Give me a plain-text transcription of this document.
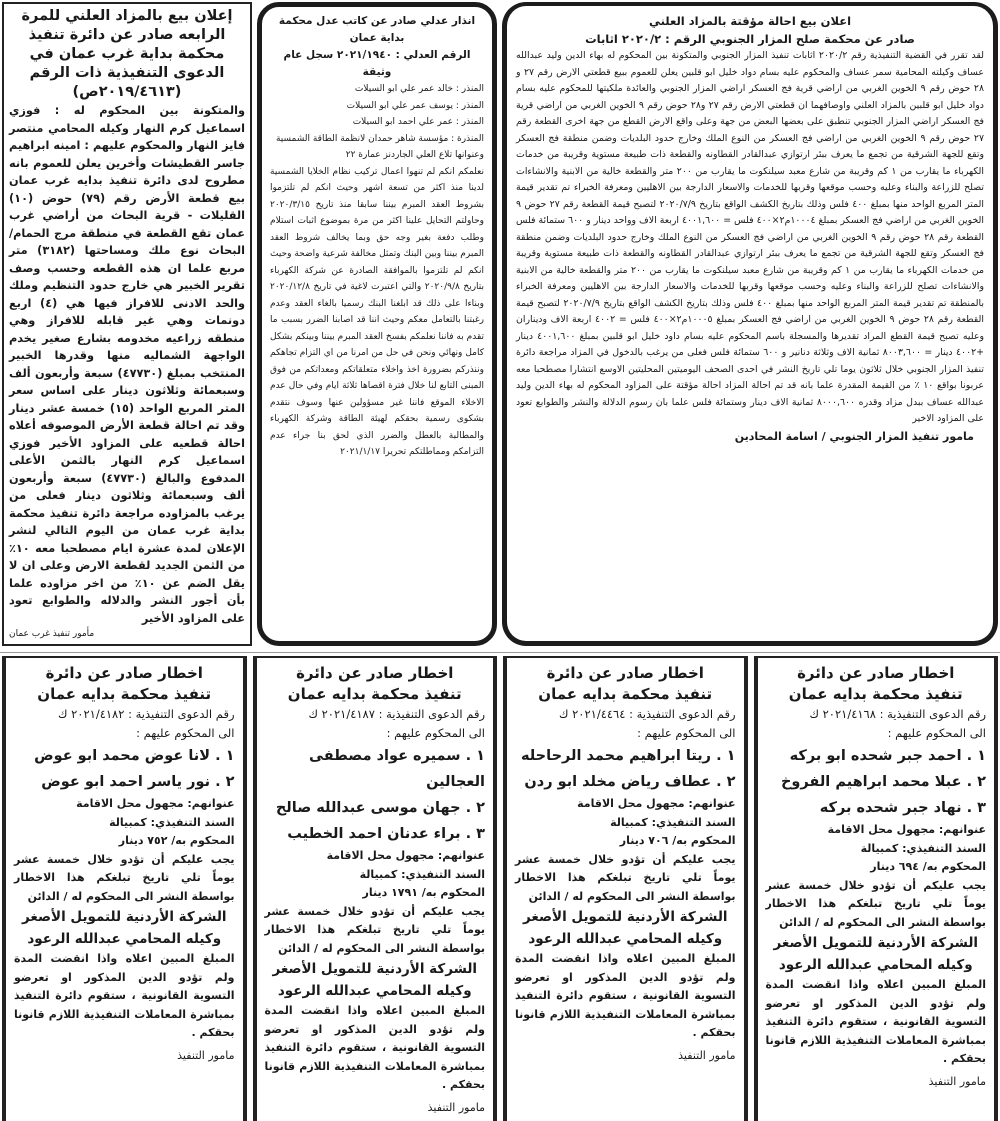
إعلان بيع بالمزاد العلني للمرة الرابعه صادر عن دائرة تنفيذ محكمة بداية غرب عمان في الدعوى التنفيذية ذات الرقم (٢٠١٩/٤٦١٣ص)

والمتكونة بين المحكوم له : فوزي اسماعيل كرم النهار وكيله المحامي منتصر فايز النهار والمحكوم عليهم : امينه ابراهيم جاسر القطيشات وأخرين يعلن للعموم بانه مطروح لدى دائرة تنفيذ بدايه غرب عمان بيع قطعة الأرض رقم (٧٩) حوض (١٠) القليلات - قرية البحاث من أراضي غرب عمان تقع القطعة في منطقة مرج الحمام/ البحاث نوع ملك ومساحتها (٣١٨٢) متر مربع علما ان هذه القطعه وحسب وصف تقرير الخبير هي خارج حدود التنظيم وملك والحد الادنى للافراز فيها هي (٤) اربع دونمات وهي غير قابله للافراز وهي منطقه زراعيه مخدومه بشارع صغير يخدم الواجهة الشماليه منها وقدرها الخبير المنتخب بمبلغ (٤٧٧٣٠) سبعة وأربعون ألف وسبعمائة وثلاثون دينار على اساس سعر المتر المربع الواحد (١٥) خمسة عشر دينار وقد تم احالة قطعة الأرض الموصوفه أعلاه احالة قطعيه على المزاود الأخير فوزي اسماعيل كرم النهار بالثمن الأعلى المدفوع والبالغ (٤٧٧٣٠) سبعة وأربعون ألف وسبعمائة وثلاثون دينار فعلى من يرغب بالمزاوده مراجعة دائرة تنفيذ محكمة بداية غرب عمان من اليوم التالي لنشر الإعلان لمدة عشرة ايام مصطحبا معه ١٠٪ من الثمن الجديد لقطعة الارض وعلى ان لا يقل الضم عن ١٠٪ من اخر مزاوده علما بأن أجور النشر والدلاله والطوابع تعود على المزاود الأخير

مأمور تنفيذ غرب عمان

انذار عدلي صادر عن كاتب عدل محكمة
بداية عمان
الرقم العدلي : ٢٠٢١/١٩٤٠ سجل عام وثيقة
المنذر : خالد عمر علي ابو السيلات
المنذر : يوسف عمر علي ابو السيلات
المنذر : عمر علي احمد ابو السيلات
المنذرة : مؤسسة شاهر حمدان لانظمة الطاقة الشمسية
وعنوانها تلاع العلي الجاردنز عمارة ٢٢

نعلمكم انكم لم تنهوا اعمال تركيب نظام الخلايا الشمسية لدينا منذ اكثر من تسعة اشهر وحيث انكم لم تلتزموا بشروط العقد المبرم بيننا سابقا منذ تاريخ ٢٠٢٠/٣/١٥ وحاولتم التحايل علينا اكثر من مرة بموضوع اثبات استلام وطلب دفعة بغير وجه حق وبما يخالف شروط العقد المبرم بيننا وبين البنك وتمثل مخالفة شرعية واضحة وحيث انكم لم تلتزموا بالموافقة الصادرة عن شركة الكهرباء بتاريخ ٢٠٢٠/٩/٨ والتي اعتبرت لاغية في تاريخ ٢٠٢٠/١٢/٨ وبناءا على ذلك قد ابلغنا البنك رسميا بالغاء العقد وعدم رغبتنا بالتعامل معكم وحيث اننا قد اصابنا الضرر بسبب ما تقدم به فاننا نعلمكم بفسخ العقد المبرم بيننا وبينكم بشكل كامل ونهائي ونحن في حل من امرنا من اي التزام تجاهكم وننذركم بضرورة اخذ واخلاء متعلقاتكم ومعداتكم من فوق المبنى التابع لنا خلال فترة اقصاها ثلاثة ايام وفي حال عدم الاخلاء الموقع فاننا غير مسؤولين عنها وسوف نتقدم بشكوى رسمية بحقكم لهيئة الطاقة وشركة الكهرباء والمطالبة بالعطل والضرر الذي لحق بنا جراء عدم التزامكم ومماطلتكم تحريرا ٢٠٢١/١/١٧

اعلان بيع احالة مؤقتة بالمزاد العلني
صادر عن محكمة صلح المزار الجنوبي الرقم : ٢٠٢٠/٢ اثابات

لقد تقرر في القضية التنفيذية رقم ٢٠٢٠/٢ اثابات تنفيذ المزار الجنوبي والمتكونة بين المحكوم له بهاء الدين وليد عبدالله عساف وكيلته المحامية سمر عساف والمحكوم عليه بسام دواد خليل ابو قلبين يعلن للعموم ببيع قطعتي الارض رقم ٢٧ و ٢٨ حوض رقم ٩ الخوين الغربي من اراضي قرية فج العسكر اراضي المزار الجنوبي والعائدة ملكيتها للمحكوم عليه بسام دواد خليل ابو قلبين بالمزاد العلني واوصافهما ان قطعتي الارض رقم ٢٧ و٢٨ حوض رقم ٩ الخوين الغربي من اراضي قرية فج العسكر اراضي المزار الجنوبي تنطبق على بعضها البعض من جهة وعلى واقع الارض القطع من جهة اخرى القطعة رقم ٢٧ حوض رقم ٩ الخوين الغربي من اراضي فج العسكر من النوع الملك وخارج حدود البلديات وضمن منطقة فج العسكر وتقع للجهة الشرقية من تجمع ما يعرف ببئر ارتوازي عبدالقادر القطاونه والقطعة ذات طبيعة مستوية وقريبة من خدمات الكهرباء ما يقارب من ١ كم وقريبة من شارع معبد سيلنكوت ما يقارب من ٢٠٠ متر والقطعة خالية من الابنية والانشاءات تصلح للزراعة والبناء وعليه وحسب موقعها وقربها للخدمات والاسعار الدارجة بين الاهليين ومعرفة الخبراء تم تقدير قيمة المتر المربع الواحد منها بمبلغ ٤٠٠ فلس وذلك بتاريخ الكشف الواقع بتاريخ ٢٠٢٠/٧/٩ لتصبح قيمة القطعة رقم ٢٧ حوض ٩ الخوين الغربي من اراضي فج العسكر بمبلغ ١٠٠٠٤م٢×٤٠٠ فلس = ٤٠٠١,٦٠٠ اربعة الاف وواحد دينار و ٦٠٠ ستمائة فلس القطعة رقم ٢٨ حوض رقم ٩ الخوين الغربي من اراضي فج العسكر من النوع الملك وخارج حدود البلديات وضمن منطقة فج العسكر وتقع للجهة الشرقية من تجمع ما يعرف ببئر ارتوازي عبدالقادر القطاونه والقطعة ذات طبيعة مستوية وقريبة من خدمات الكهرباء ما يقارب من ١ كم وقريبة من شارع معبد سيلنكوت ما يقارب من ٢٠٠ متر والقطعة خالية من الابنية والانشاءات تصلح للزراعة والبناء وعليه وحسب موقعها وقربها للخدمات والاسعار الدارجة بين الاهليين ومعرفة الخبراء بالمنطقة تم تقدير قيمة المتر المربع الواحد منها بمبلغ ٤٠٠ فلس وذلك بتاريخ الكشف الواقع بتاريخ ٢٠٢٠/٧/٩ لتصبح قيمة القطعة رقم ٢٨ حوض ٩ الخوين الغربي من اراضي فج العسكر بمبلغ ١٠٠٠٥م٢×٤٠٠ فلس = ٤٠٠٢ اربعة الاف وديناران وعليه تصبح قيمة القطع المراد تقديرها والمسجلة باسم المحكوم عليه بسام داود خليل ابو قلبين بمبلغ ٤٠٠١,٦٠٠ دينار +٤٠٠٢ دينار = ٨٠٠٣,٦٠٠ ثمانية الاف وثلاثة دنانير و ٦٠٠ ستمائة فلس فعلى من يرغب بالدخول في المزاد مراجعة دائرة تنفيذ المزار الجنوبي خلال ثلاثون يوما تلي تاريخ النشر في احدى الصحف اليوميتين المحليتين الاوسع انتشارا مصطحبا معه عربونا بواقع ١٠ ٪ من القيمة المقدرة علما بانه قد تم احالة المزاد احالة مؤقتة على المزاود المحكوم له بهاء الدين وليد عبدالله عساف ببدل مزاد وقدره ٨٠٠٠,٦٠٠ ثمانية الاف دينار وستمائة فلس علما بان رسوم الدلالة والنشر والطوابع تعود على المزاود الاخير

مامور تنفيذ المزار الجنوبي / اسامة المحادين

اخطار صادر عن دائرة
تنفيذ محكمة بدايه عمان
رقم الدعوى التنفيذية : ٢٠٢١/٤١٦٨ ك
الى المحكوم عليهم :
١ . احمد جبر شحده ابو بركه
٢ . عبلا محمد ابراهيم الفروخ
٣ . نهاد جبر شحده بركه
عنوانهم: مجهول محل الاقامة
السند التنفيذي: كمبيالة
المحكوم به/ ٦٩٤ دينار

يجب عليكم أن تؤدو خلال خمسة عشر يوماً تلي تاريخ تبلغكم هذا الاخطار بواسطة النشر الى المحكوم له / الدائن

الشركة الأردنية للتمويل الأصغر
وكيله المحامي عبدالله الرعود

المبلغ المبين اعلاه واذا انقضت المدة ولم تؤدو الدين المذكور او تعرضو التسوية القانونية ، ستقوم دائرة التنفيذ بمباشرة المعاملات التنفيذية اللازم قانونا بحقكم .

مامور التنفيذ
اخطار صادر عن دائرة
تنفيذ محكمة بدايه عمان
رقم الدعوى التنفيذية : ٢٠٢١/٤٤٦٤ ك
الى المحكوم عليهم :
١ . ريتا ابراهيم محمد الرحاحله
٢ . عطاف رياض مخلد ابو ردن
عنوانهم: مجهول محل الاقامة
السند التنفيذي: كمبيالة
المحكوم به/ ٧٠٦ دينار

يجب عليكم أن تؤدو خلال خمسة عشر يوماً تلي تاريخ تبلغكم هذا الاخطار بواسطة النشر الى المحكوم له / الدائن

الشركة الأردنية للتمويل الأصغر
وكيله المحامي عبدالله الرعود

المبلغ المبين اعلاه واذا انقضت المدة ولم تؤدو الدين المذكور او تعرضو التسوية القانونية ، ستقوم دائرة التنفيذ بمباشرة المعاملات التنفيذية اللازم قانونا بحقكم .

مامور التنفيذ
اخطار صادر عن دائرة
تنفيذ محكمة بدايه عمان
رقم الدعوى التنفيذية : ٢٠٢١/٤١٨٧ ك
الى المحكوم عليهم :
١ . سميره عواد مصطفى العجالين
٢ . جهان موسى عبدالله صالح
٣ . براء عدنان احمد الخطيب
عنوانهم: مجهول محل الاقامة
السند التنفيذي: كمبيالة
المحكوم به/ ١٧٩١ دينار

يجب عليكم أن تؤدو خلال خمسة عشر يوماً تلي تاريخ تبلغكم هذا الاخطار بواسطة النشر الى المحكوم له / الدائن

الشركة الأردنية للتمويل الأصغر
وكيله المحامي عبدالله الرعود

المبلغ المبين اعلاه واذا انقضت المدة ولم تؤدو الدين المذكور او تعرضو التسوية القانونية ، ستقوم دائرة التنفيذ بمباشرة المعاملات التنفيذية اللازم قانونا بحقكم .

مامور التنفيذ
اخطار صادر عن دائرة
تنفيذ محكمة بدايه عمان
رقم الدعوى التنفيذية : ٢٠٢١/٤١٨٢ ك
الى المحكوم عليهم :
١ . لانا عوض محمد ابو عوض
٢ . نور ياسر احمد ابو عوض
عنوانهم: مجهول محل الاقامة
السند التنفيذي: كمبيالة
المحكوم به/ ٧٥٢ دينار

يجب عليكم أن تؤدو خلال خمسة عشر يوماً تلي تاريخ تبلغكم هذا الاخطار بواسطة النشر الى المحكوم له / الدائن

الشركة الأردنية للتمويل الأصغر
وكيله المحامي عبدالله الرعود

المبلغ المبين اعلاه واذا انقضت المدة ولم تؤدو الدين المذكور او تعرضو التسوية القانونية ، ستقوم دائرة التنفيذ بمباشرة المعاملات التنفيذية اللازم قانونا بحقكم .

مامور التنفيذ
